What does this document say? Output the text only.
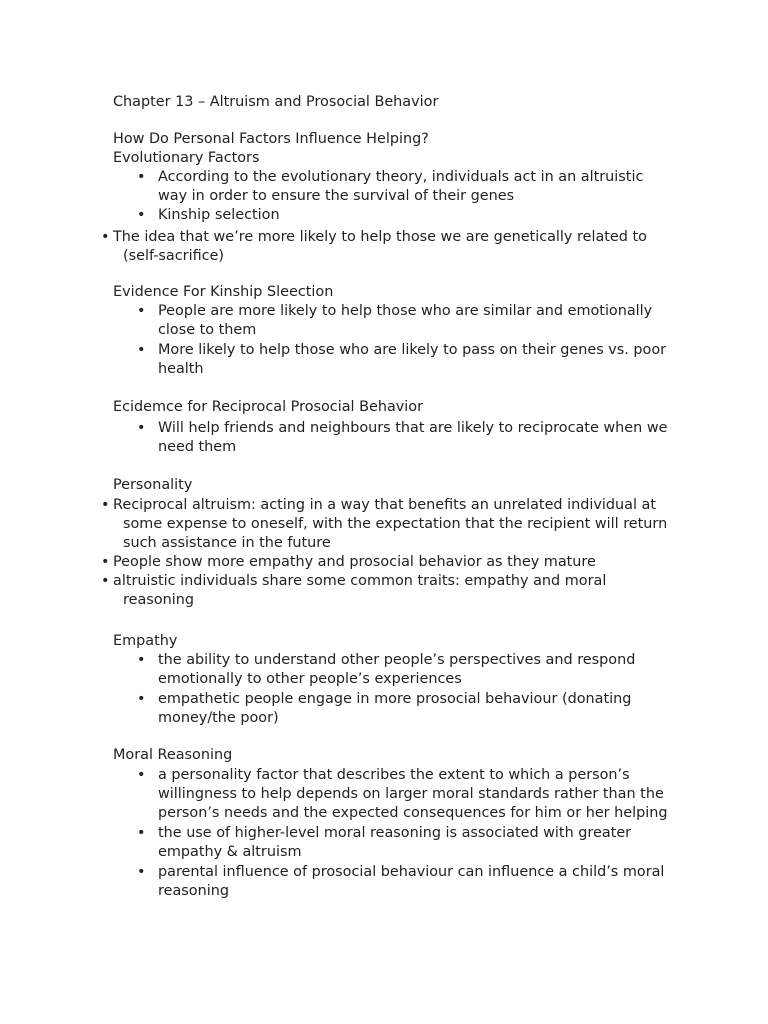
Chapter 13 – Altruism and Prosocial Behavior
How Do Personal Factors Influence Helping?
Evolutionary Factors
• According to the evolutionary theory, individuals act in an altruistic way in order to ensure the survival of their genes
• Kinship selection
• The idea that we’re more likely to help those we are genetically related to (self-sacrifice)
Evidence For Kinship Sleection
• People are more likely to help those who are similar and emotionally close to them
• More likely to help those who are likely to pass on their genes vs. poor health
Ecidemce for Reciprocal Prosocial Behavior
• Will help friends and neighbours that are likely to reciprocate when we need them
Personality
• Reciprocal altruism: acting in a way that benefits an unrelated individual at some expense to oneself, with the expectation that the recipient will return such assistance in the future
• People show more empathy and prosocial behavior as they mature
• altruistic individuals share some common traits: empathy and moral reasoning
Empathy
• the ability to understand other people’s perspectives and respond emotionally to other people’s experiences
• empathetic people engage in more prosocial behaviour (donating money/the poor)
Moral Reasoning
• a personality factor that describes the extent to which a person’s willingness to help depends on larger moral standards rather than the person’s needs and the expected consequences for him or her helping
• the use of higher-level moral reasoning is associated with greater empathy & altruism
• parental influence of prosocial behaviour can influence a child’s moral reasoning
